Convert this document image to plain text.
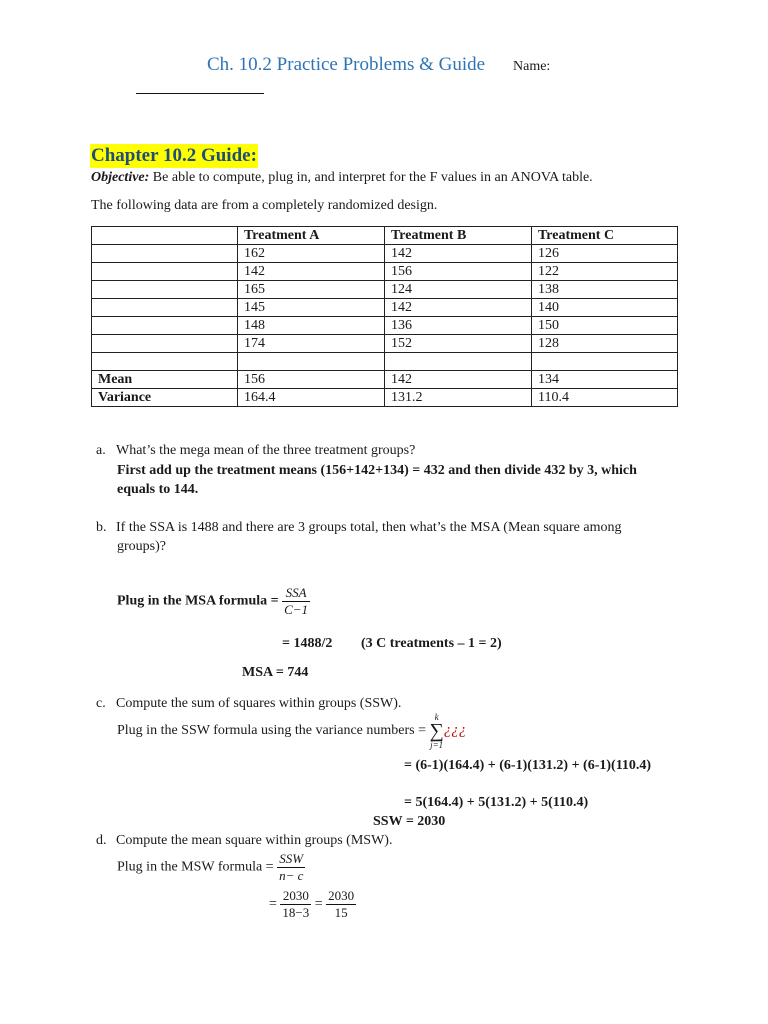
Ch. 10.2 Practice Problems & Guide Name:
Chapter 10.2 Guide:
Objective: Be able to compute, plug in, and interpret for the F values in an ANOVA table.
The following data are from a completely randomized design.
	Treatment A	Treatment B	Treatment C
	162	142	126
	142	156	122
	165	124	138
	145	142	140
	148	136	150
	174	152	128

Mean	156	142	134
Variance	164.4	131.2	110.4
a. What’s the mega mean of the three treatment groups?
First add up the treatment means (156+142+134) = 432 and then divide 432 by 3, which
equals to 144.
b. If the SSA is 1488 and there are 3 groups total, then what’s the MSA (Mean square among
groups)?
Plug in the MSA formula = $\frac{\text{SSA}}{C-1}$
= 1488/2 (3 C treatments – 1 = 2)
MSA = 744
c. Compute the sum of squares within groups (SSW).
Plug in the SSW formula using the variance numbers = k
∑
j=1¿¿¿
= (6-1)(164.4) + (6-1)(131.2) + (6-1)(110.4)
= 5(164.4) + 5(131.2) + 5(110.4)
SSW = 2030
d. Compute the mean square within groups (MSW).
Plug in the MSW formula = $\frac{\text{SSW}}{n- c}$
= $\frac{2030}{18-3} = \frac{2030}{15}$
